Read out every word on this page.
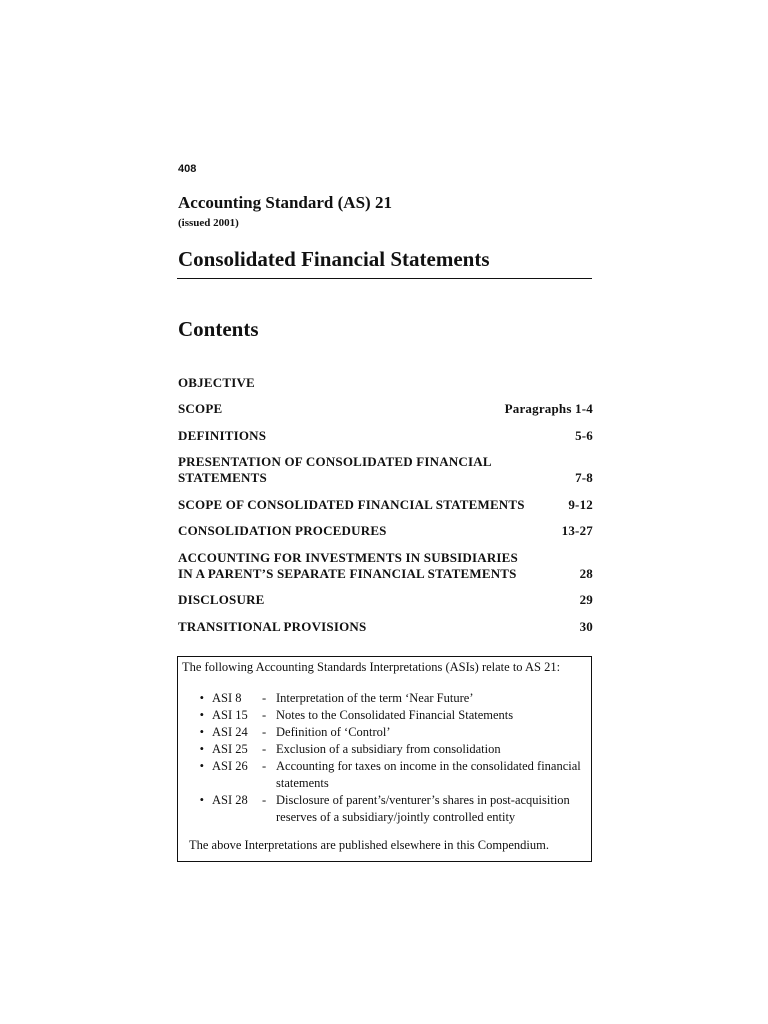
408
Accounting Standard (AS) 21
(issued 2001)
Consolidated Financial Statements
Contents
OBJECTIVE
SCOPE	Paragraphs 1-4
DEFINITIONS	5-6
PRESENTATION OF CONSOLIDATED FINANCIAL
STATEMENTS	7-8
SCOPE OF CONSOLIDATED FINANCIAL STATEMENTS	9-12
CONSOLIDATION PROCEDURES	13-27
ACCOUNTING FOR INVESTMENTS IN SUBSIDIARIES
IN A PARENT’S SEPARATE FINANCIAL STATEMENTS	28
DISCLOSURE	29
TRANSITIONAL PROVISIONS	30
The following Accounting Standards Interpretations (ASIs) relate to AS 21:
• ASI 8	- Interpretation of the term ‘Near Future’
• ASI 15	- Notes to the Consolidated Financial Statements
• ASI 24	- Definition of ‘Control’
• ASI 25	- Exclusion of a subsidiary from consolidation
• ASI 26	- Accounting for taxes on income in the consolidated financial statements
• ASI 28	- Disclosure of parent’s/venturer’s shares in post-acquisition reserves of a subsidiary/jointly controlled entity
The above Interpretations are published elsewhere in this Compendium.
